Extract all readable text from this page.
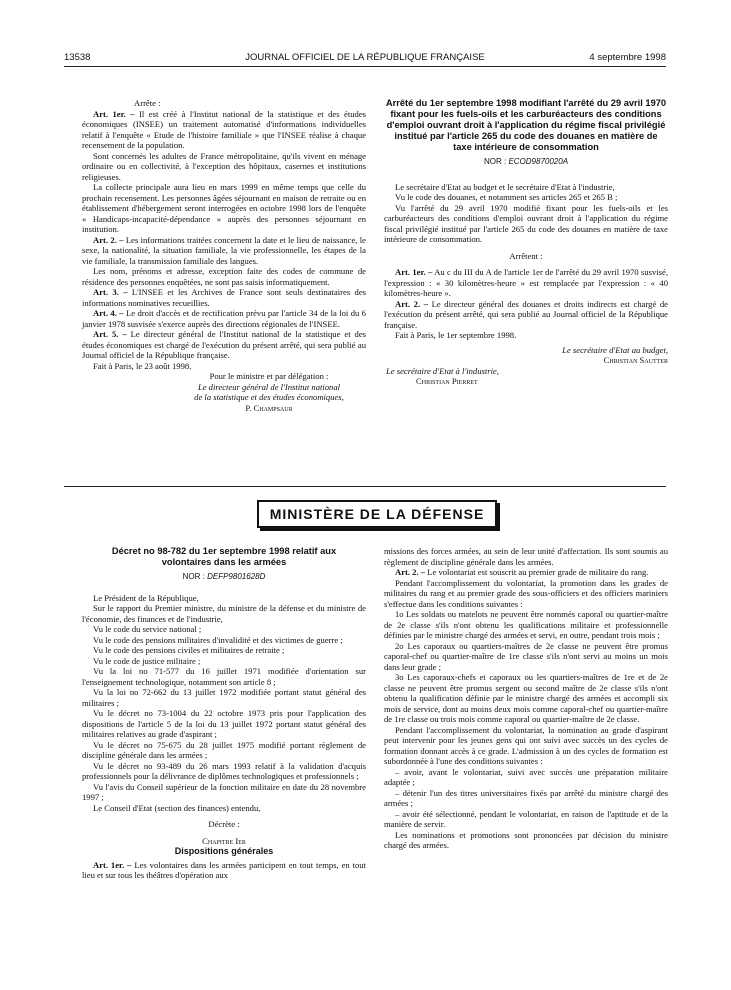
13538	JOURNAL OFFICIEL DE LA RÉPUBLIQUE FRANÇAISE	4 septembre 1998

Arrête :

Art. 1er. – Il est créé à l'Institut national de la statistique et des études économiques (INSEE) un traitement automatisé d'informations individuelles relatif à l'enquête « Etude de l'histoire familiale » que l'INSEE réalise à chaque recensement de la population.

Sont concernés les adultes de France métropolitaine, qu'ils vivent en ménage ordinaire ou en collectivité, à l'exception des hôpitaux, casernes et institutions religieuses.

La collecte principale aura lieu en mars 1999 en même temps que celle du prochain recensement. Les personnes âgées séjournant en maison de retraite ou en établissement d'hébergement seront interrogées en octobre 1998 lors de l'enquête « Handicaps-incapacité-dépendance » auprès des personnes séjournant en institution.

Art. 2. – Les informations traitées concernent la date et le lieu de naissance, le sexe, la nationalité, la situation familiale, la vie professionnelle, les étapes de la vie familiale, la transmission familiale des langues.

Les nom, prénoms et adresse, exception faite des codes de commune de résidence des personnes enquêtées, ne sont pas saisis informatiquement.

Art. 3. – L'INSEE et les Archives de France sont seuls destinataires des informations nominatives recueillies.

Art. 4. – Le droit d'accès et de rectification prévu par l'article 34 de la loi du 6 janvier 1978 susvisée s'exerce auprès des directions régionales de l'INSEE.

Art. 5. – Le directeur général de l'Institut national de la statistique et des études économiques est chargé de l'exécution du présent arrêté, qui sera publié au Journal officiel de la République française.

Fait à Paris, le 23 août 1998.

Pour le ministre et par délégation :
Le directeur général de l'Institut national
de la statistique et des études économiques,
P. Champsaur
Arrêté du 1er septembre 1998 modifiant l'arrêté du 29 avril 1970 fixant pour les fuels-oils et les carburéacteurs des conditions d'emploi ouvrant droit à l'application du régime fiscal privilégié institué par l'article 265 du code des douanes en matière de taxe intérieure de consommation
NOR : ECOD9870020A

Le secrétaire d'Etat au budget et le secrétaire d'Etat à l'industrie,

Vu le code des douanes, et notamment ses articles 265 et 265 B ;

Vu l'arrêté du 29 avril 1970 modifié fixant pour les fuels-oils et les carburéacteurs des conditions d'emploi ouvrant droit à l'application du régime fiscal privilégié institué par l'article 265 du code des douanes en matière de taxe intérieure de consommation.

Arrêtent :

Art. 1er. – Au c du III du A de l'article 1er de l'arrêté du 29 avril 1970 susvisé, l'expression : « 30 kilomètres-heure » est remplacée par l'expression : « 40 kilomètres-heure ».

Art. 2. – Le directeur général des douanes et droits indirects est chargé de l'exécution du présent arrêté, qui sera publié au Journal officiel de la République française.

Fait à Paris, le 1er septembre 1998.

Le secrétaire d'Etat au budget,
Christian Sautter
Le secrétaire d'Etat à l'industrie,
Christian Pierret
MINISTÈRE DE LA DÉFENSE
Décret no 98-782 du 1er septembre 1998 relatif aux volontaires dans les armées
NOR : DEFP9801628D

Le Président de la République,

Sur le rapport du Premier ministre, du ministre de la défense et du ministre de l'économie, des finances et de l'industrie,

Vu le code du service national ;

Vu le code des pensions militaires d'invalidité et des victimes de guerre ;

Vu le code des pensions civiles et militaires de retraite ;

Vu le code de justice militaire ;

Vu la loi no 71-577 du 16 juillet 1971 modifiée d'orientation sur l'enseignement technologique, notamment son article 8 ;

Vu la loi no 72-662 du 13 juillet 1972 modifiée portant statut général des militaires ;

Vu le décret no 73-1004 du 22 octobre 1973 pris pour l'application des dispositions de l'article 5 de la loi du 13 juillet 1972 portant statut général des militaires relatives au grade d'aspirant ;

Vu le décret no 75-675 du 28 juillet 1975 modifié portant règlement de discipline générale dans les armées ;

Vu le décret no 93-489 du 26 mars 1993 relatif à la validation d'acquis professionnels pour la délivrance de diplômes technologiques et professionnels ;

Vu l'avis du Conseil supérieur de la fonction militaire en date du 28 novembre 1997 ;

Le Conseil d'Etat (section des finances) entendu,

Décrète :

Chapitre Ier

Dispositions générales

Art. 1er. – Les volontaires dans les armées participent en tout temps, en tout lieu et sur tous les théâtres d'opération aux

missions des forces armées, au sein de leur unité d'affectation. Ils sont soumis au règlement de discipline générale dans les armées.

Art. 2. – Le volontariat est souscrit au premier grade de militaire du rang.

Pendant l'accomplissement du volontariat, la promotion dans les grades de militaires du rang et au premier grade des sous-officiers et des officiers mariniers s'effectue dans les conditions suivantes :

1o Les soldats ou matelots ne peuvent être nommés caporal ou quartier-maître de 2e classe s'ils n'ont obtenu les qualifications militaire et professionnelle définies par le ministre chargé des armées et servi, en outre, pendant trois mois ;

2o Les caporaux ou quartiers-maîtres de 2e classe ne peuvent être promus caporal-chef ou quartier-maître de 1re classe s'ils n'ont servi au moins un mois dans leur grade ;

3o Les caporaux-chefs et caporaux ou les quartiers-maîtres de 1re et de 2e classe ne peuvent être promus sergent ou second maître de 2e classe s'ils n'ont obtenu la qualification définie par le ministre chargé des armées et accompli six mois de service, dont au moins deux mois comme caporal-chef ou quartier-maître de 1re classe ou trois mois comme caporal ou quartier-maître de 2e classe.

Pendant l'accomplissement du volontariat, la nomination au grade d'aspirant peut intervenir pour les jeunes gens qui ont suivi avec succès un des cycles de formation donnant accès à ce grade. L'admission à un des cycles de formation est subordonnée à l'une des conditions suivantes :

– avoir, avant le volontariat, suivi avec succès une préparation militaire adaptée ;

– détenir l'un des titres universitaires fixés par arrêté du ministre chargé des armées ;

– avoir été sélectionné, pendant le volontariat, en raison de l'aptitude et de la manière de servir.

Les nominations et promotions sont prononcées par décision du ministre chargé des armées.
